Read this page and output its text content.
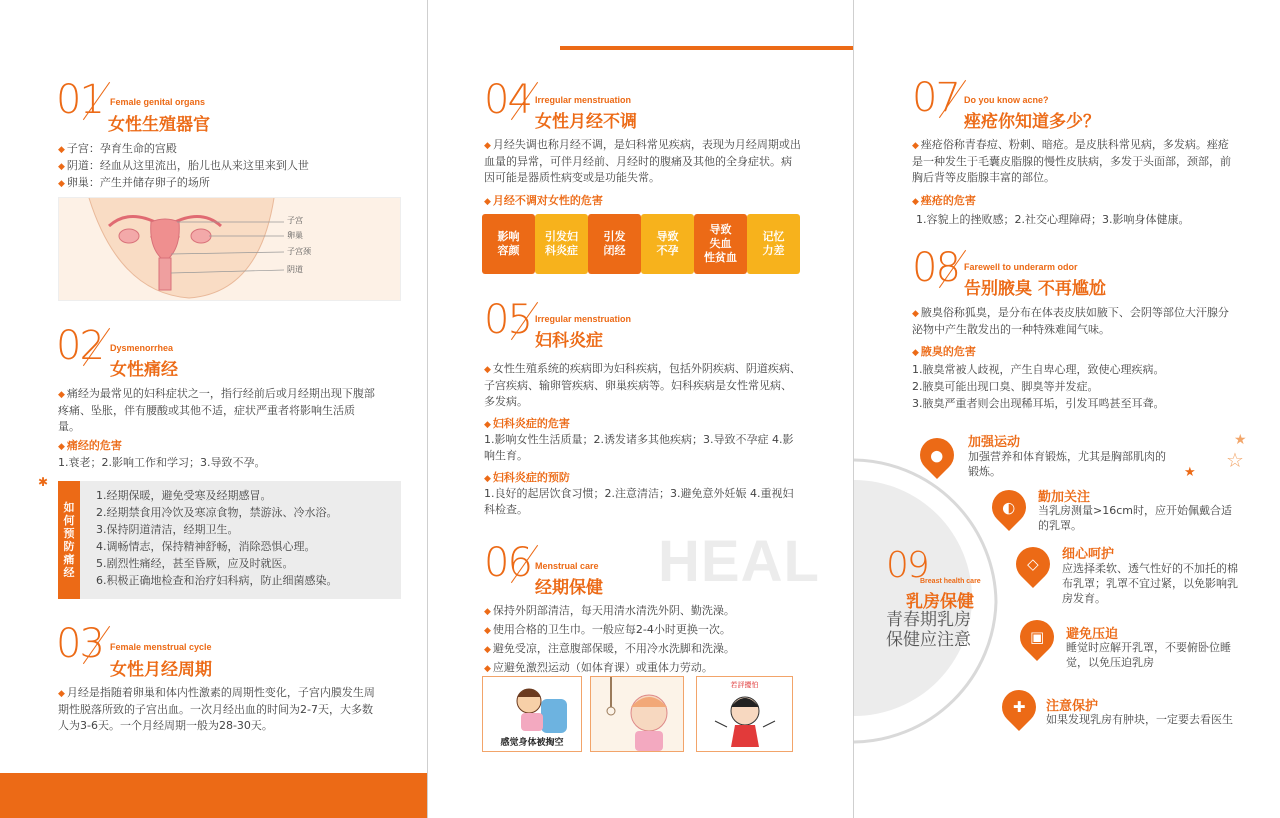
01 Female genital organs
女性生殖器官
◆ 子宫：孕育生命的宫殿
◆ 阴道：经血从这里流出，胎儿也从来这里来到人世
◆ 卵巢：产生并储存卵子的场所
子宫
卵巢
子宫颈
阴道
02 Dysmenorrhea
女性痛经
◆ 痛经为最常见的妇科症状之一，指行经前后或月经期出现下腹部疼痛、坠胀，伴有腰酸或其他不适，症状严重者将影响生活质量。
◆ 痛经的危害
1.衰老；2.影响工作和学习；3.导致不孕。
✱
如何预防痛经
1.经期保暖，避免受寒及经期感冒。
2.经期禁食用冷饮及寒凉食物，禁游泳、冷水浴。
3.保持阴道清洁，经期卫生。
4.调畅情志，保持精神舒畅，消除恐惧心理。
5.剧烈性痛经，甚至昏厥，应及时就医。
6.积极正确地检查和治疗妇科病，防止细菌感染。
03 Female menstrual cycle
女性月经周期
◆ 月经是指随着卵巢和体内性激素的周期性变化，子宫内膜发生周期性脱落所致的子宫出血。一次月经出血的时间为2-7天，大多数人为3-6天。一个月经周期一般为28-30天。
04 Irregular menstruation
女性月经不调
◆ 月经失调也称月经不调，是妇科常见疾病，表现为月经周期或出血量的异常，可伴月经前、月经时的腹痛及其他的全身症状。病因可能是器质性病变或是功能失常。
◆ 月经不调对女性的危害
影响
容颜
引发妇
科炎症
引发
闭经
导致
不孕
导致
失血
性贫血
记忆
力差
05 Irregular menstruation
妇科炎症
◆ 女性生殖系统的疾病即为妇科疾病，包括外阴疾病、阴道疾病、子宫疾病、输卵管疾病、卵巢疾病等。妇科疾病是女性常见病、多发病。
◆ 妇科炎症的危害
1.影响女性生活质量；2.诱发诸多其他疾病；3.导致不孕症 4.影响生育。
◆ 妇科炎症的预防
1.良好的起居饮食习惯；2.注意清洁；3.避免意外妊娠 4.重视妇科检查。
HEAL
06 Menstrual care
经期保健
◆ 保持外阴部清洁，每天用清水清洗外阴、勤洗澡。
◆ 使用合格的卫生巾。一般应每2-4小时更换一次。
◆ 避免受凉，注意腹部保暖，不用冷水洗脚和洗澡。
◆ 应避免激烈运动（如体育课）或重体力劳动。
感觉身体被掏空
若評擾怕
07 Do you know acne?
痤疮你知道多少？
◆ 痤疮俗称青春痘、粉刺、暗疮。是皮肤科常见病，多发病。痤疮是一种发生于毛囊皮脂腺的慢性皮肤病，多发于头面部，颈部，前胸后背等皮脂腺丰富的部位。
◆ 痤疮的危害
1.容貌上的挫败感；2.社交心理障碍；3.影响身体健康。
08 Farewell to underarm odor
告别腋臭 不再尴尬
◆ 腋臭俗称狐臭，是分布在体表皮肤如腋下、会阴等部位大汗腺分泌物中产生散发出的一种特殊难闻气味。
◆ 腋臭的危害
1.腋臭常被人歧视，产生自卑心理，致使心理疾病。
2.腋臭可能出现口臭、脚臭等并发症。
3.腋臭严重者则会出现稀耳垢，引发耳鸣甚至耳聋。
09
Breast health care
乳房保健
青春期乳房
保健应注意
★
★
☆
●
加强运动
加强营养和体育锻炼，尤其是胸部肌肉的锻炼。
◐
勤加关注
当乳房测量>16cm时，应开始佩戴合适的乳罩。
◇
细心呵护
应选择柔软、透气性好的不加托的棉布乳罩；乳罩不宜过紧，以免影响乳房发育。
▣ 避免压迫
睡觉时应解开乳罩，不要俯卧位睡觉，以免压迫乳房
✚ 注意保护
如果发现乳房有肿块，一定要去看医生
